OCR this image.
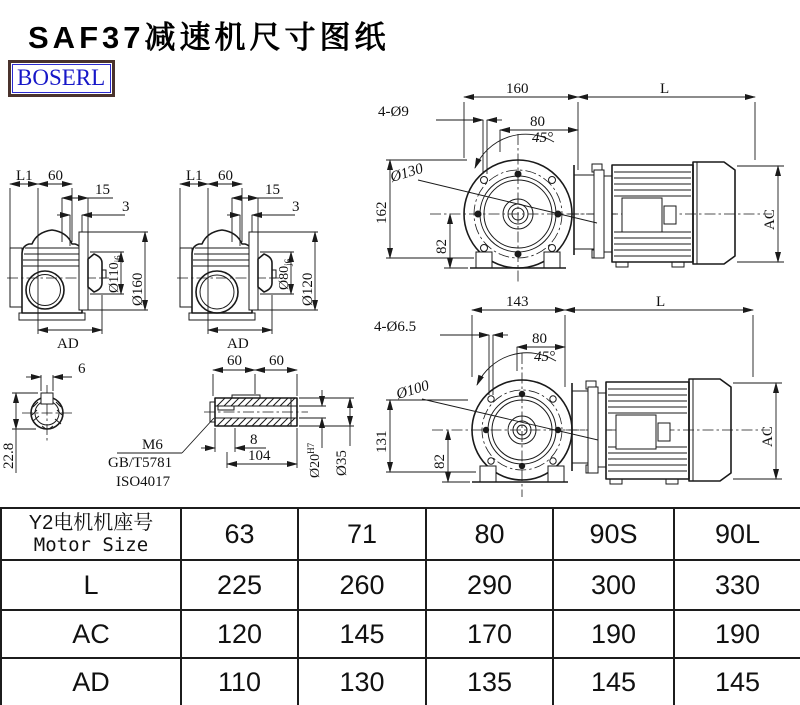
SAF37减速机尺寸图纸
BOSERL
L1 60
15
3
$Ø110_{j6}$
Ø160
AD
L1 60
15
3
$Ø80_{j6}$
Ø120
AD
160	L
4-Ø9
80
45°
Ø130
162
82
AC
143	L
4-Ø6.5
80
45°
Ø100
131
82
AC
6
22.8
60 60
8
104	$Ø20^{H7}$
Ø35
M6
GB/T5781
ISO4017
Y2电机机座号
Motor Size	63	71	80	90S	90L
L	225	260	290	300	330
AC	120	145	170	190	190
AD	110	130	135	145	145
